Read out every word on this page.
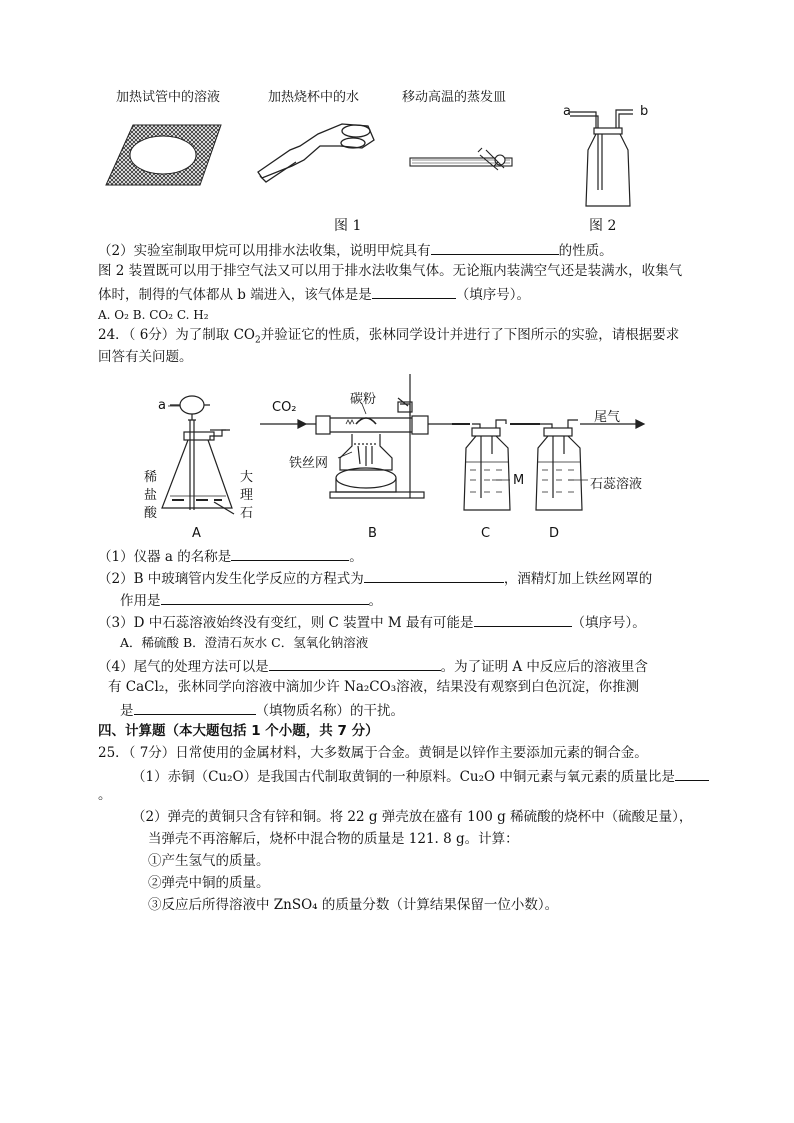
加热试管中的溶液	加热烧杯中的水	移动高温的蒸发皿
a	b
图 1	图 2
（2）实验室制取甲烷可以用排水法收集，说明甲烷具有	的性质。
图 2 装置既可以用于排空气法又可以用于排水法收集气体。无论瓶内装满空气还是装满水，收集气
体时，制得的气体都从 b 端进入，该气体是是	（填序号）。
A. O₂ B. CO₂ C. H₂
24．（ 6分）为了制取 $CO_2$并验证它的性质，张林同学设计并进行了下图所示的实验，请根据要求
回答有关问题。
a	CO₂
碳粉
尾气
铁丝网
M	石蕊溶液
稀
盐
酸
大
理
石
A	B	C	D
（1）仪器 a 的名称是	。
（2）B 中玻璃管内发生化学反应的方程式为	，酒精灯加上铁丝网罩的
作用是	。
（3）D 中石蕊溶液始终没有变红，则 C 装置中 M 最有可能是	（填序号）。
A．稀硫酸 B．澄清石灰水 C．氢氧化钠溶液
（4）尾气的处理方法可以是	。为了证明 A 中反应后的溶液里含
有 CaCl₂，张林同学向溶液中滴加少许 Na₂CO₃溶液，结果没有观察到白色沉淀，你推测
是	（填物质名称）的干扰。
四、计算题（本大题包括 1 个小题，共 7 分）
25．（ 7分）日常使用的金属材料，大多数属于合金。黄铜是以锌作主要添加元素的铜合金。
（1）赤铜（Cu₂O）是我国古代制取黄铜的一种原料。Cu₂O 中铜元素与氧元素的质量比是
。
（2）弹壳的黄铜只含有锌和铜。将 22 g 弹壳放在盛有 100 g 稀硫酸的烧杯中（硫酸足量），
当弹壳不再溶解后，烧杯中混合物的质量是 121. 8 g。计算：
①产生氢气的质量。
②弹壳中铜的质量。
③反应后所得溶液中 ZnSO₄ 的质量分数（计算结果保留一位小数）。
